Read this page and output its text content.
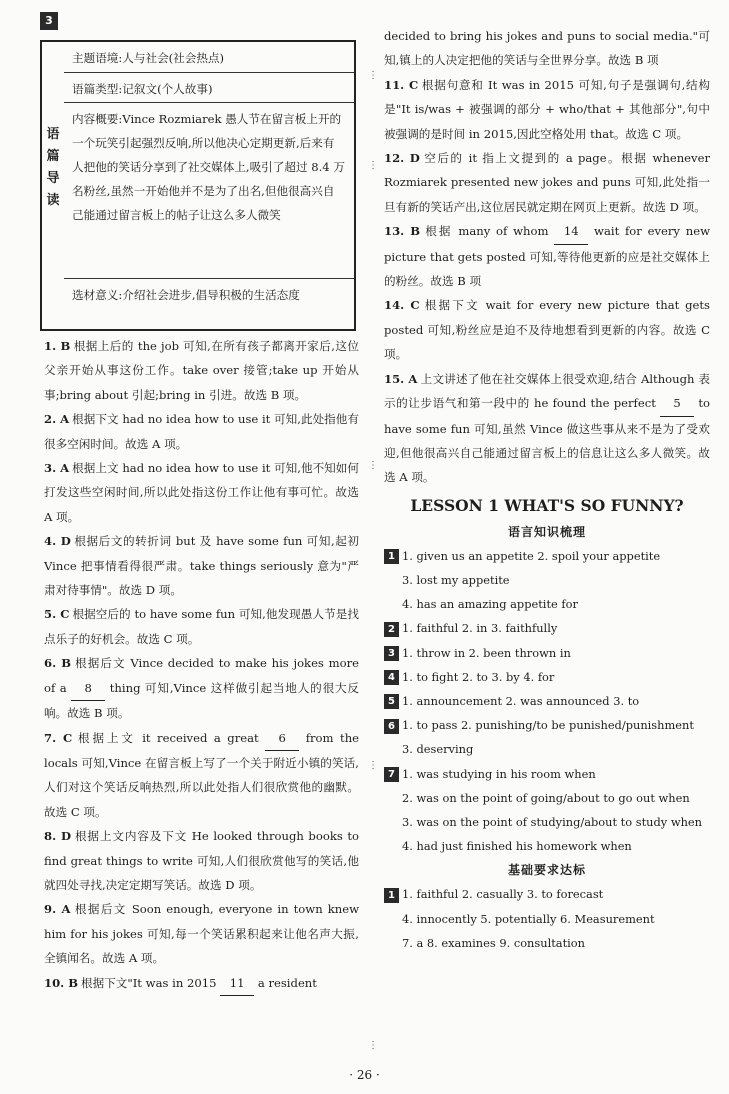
3
语篇导读
主题语境:人与社会(社会热点)
语篇类型:记叙文(个人故事)
内容概要:Vince Rozmiarek 愚人节在留言板上开的一个玩笑引起强烈反响,所以他决心定期更新,后来有人把他的笑话分享到了社交媒体上,吸引了超过 8.4 万名粉丝,虽然一开始他并不是为了出名,但他很高兴自己能通过留言板上的帖子让这么多人微笑
选材意义:介绍社会进步,倡导积极的生活态度

1. B 根据上后的 the job 可知,在所有孩子都离开家后,这位父亲开始从事这份工作。take over 接管;take up 开始从事;bring about 引起;bring in 引进。故选 B 项。

2. A 根据下文 had no idea how to use it 可知,此处指他有很多空闲时间。故选 A 项。

3. A 根据上文 had no idea how to use it 可知,他不知如何打发这些空闲时间,所以此处指这份工作让他有事可忙。故选 A 项。

4. D 根据后文的转折词 but 及 have some fun 可知,起初 Vince 把事情看得很严肃。take things seriously 意为"严肃对待事情"。故选 D 项。

5. C 根据空后的 to have some fun 可知,他发现愚人节是找点乐子的好机会。故选 C 项。

6. B 根据后文 Vince decided to make his jokes more of a 8 thing 可知,Vince 这样做引起当地人的很大反响。故选 B 项。

7. C 根据上文 it received a great 6 from the locals 可知,Vince 在留言板上写了一个关于附近小镇的笑话,人们对这个笑话反响热烈,所以此处指人们很欣赏他的幽默。故选 C 项。

8. D 根据上文内容及下文 He looked through books to find great things to write 可知,人们很欣赏他写的笑话,他就四处寻找,决定定期写笑话。故选 D 项。

9. A 根据后文 Soon enough, everyone in town knew him for his jokes 可知,每一个笑话累积起来让他名声大振,全镇闻名。故选 A 项。

10. B 根据下文"It was in 2015 11 a resident

decided to bring his jokes and puns to social media."可知,镇上的人决定把他的笑话与全世界分享。故选 B 项

11. C 根据句意和 It was in 2015 可知,句子是强调句,结构是"It is/was + 被强调的部分 + who/that + 其他部分",句中被强调的是时间 in 2015,因此空格处用 that。故选 C 项。

12. D 空后的 it 指上文提到的 a page。根据 whenever Rozmiarek presented new jokes and puns 可知,此处指一旦有新的笑话产出,这位居民就定期在网页上更新。故选 D 项。

13. B 根据 many of whom 14 wait for every new picture that gets posted 可知,等待他更新的应是社交媒体上的粉丝。故选 B 项

14. C 根据下文 wait for every new picture that gets posted 可知,粉丝应是迫不及待地想看到更新的内容。故选 C 项。

15. A 上文讲述了他在社交媒体上很受欢迎,结合 Although 表示的让步语气和第一段中的 he found the perfect 5 to have some fun 可知,虽然 Vince 做这些事从来不是为了受欢迎,但他很高兴自己能通过留言板上的信息让这么多人微笑。故选 A 项。

LESSON 1 WHAT'S SO FUNNY?
语言知识梳理
1 1. given us an appetite 2. spoil your appetite
3. lost my appetite
4. has an amazing appetite for
2 1. faithful 2. in 3. faithfully
3 1. throw in 2. been thrown in
4 1. to fight 2. to 3. by 4. for
5 1. announcement 2. was announced 3. to
6 1. to pass 2. punishing/to be punished/punishment
3. deserving
7 1. was studying in his room when
2. was on the point of going/about to go out when
3. was on the point of studying/about to study when
4. had just finished his homework when
基础要求达标
1 1. faithful 2. casually 3. to forecast
4. innocently 5. potentially 6. Measurement
7. a 8. examines 9. consultation
⋮
⋮
⋮
⋮
⋮
· 26 ·
